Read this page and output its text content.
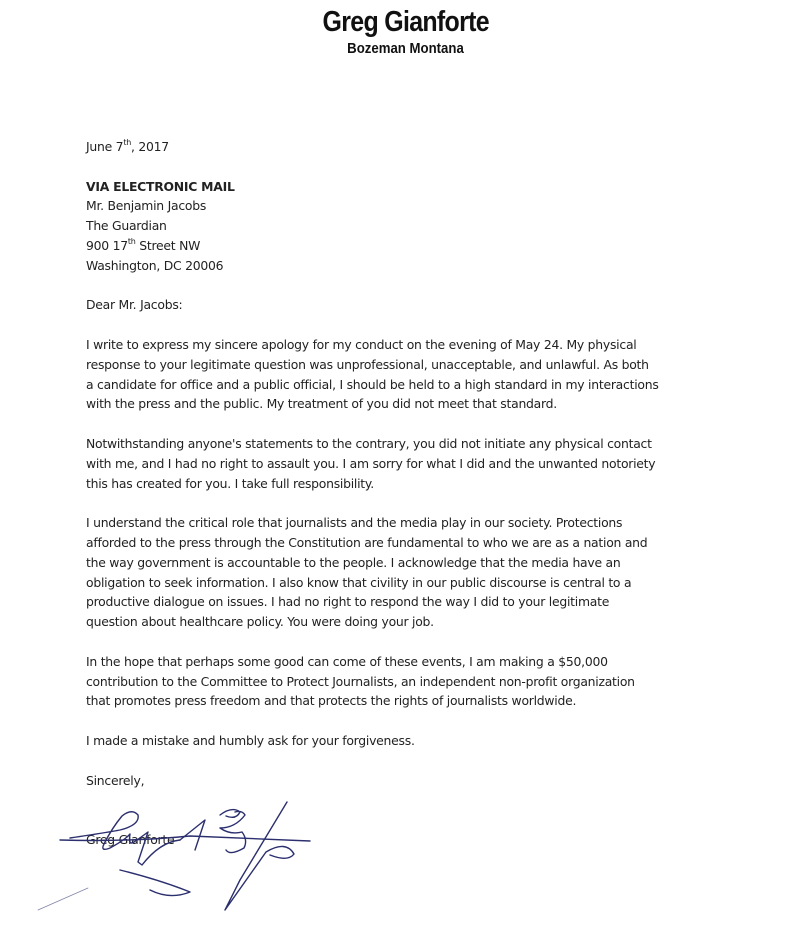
Greg Gianforte
Bozeman Montana
June 7th, 2017
VIA ELECTRONIC MAIL
Mr. Benjamin Jacobs
The Guardian
900 17th Street NW
Washington, DC 20006
Dear Mr. Jacobs:
I write to express my sincere apology for my conduct on the evening of May 24. My physical
response to your legitimate question was unprofessional, unacceptable, and unlawful. As both
a candidate for office and a public official, I should be held to a high standard in my interactions
with the press and the public. My treatment of you did not meet that standard.
Notwithstanding anyone's statements to the contrary, you did not initiate any physical contact
with me, and I had no right to assault you. I am sorry for what I did and the unwanted notoriety
this has created for you. I take full responsibility.
I understand the critical role that journalists and the media play in our society. Protections
afforded to the press through the Constitution are fundamental to who we are as a nation and
the way government is accountable to the people. I acknowledge that the media have an
obligation to seek information. I also know that civility in our public discourse is central to a
productive dialogue on issues. I had no right to respond the way I did to your legitimate
question about healthcare policy. You were doing your job.
In the hope that perhaps some good can come of these events, I am making a $50,000
contribution to the Committee to Protect Journalists, an independent non-profit organization
that promotes press freedom and that protects the rights of journalists worldwide.
I made a mistake and humbly ask for your forgiveness.
Sincerely,
Greg Gianforte
